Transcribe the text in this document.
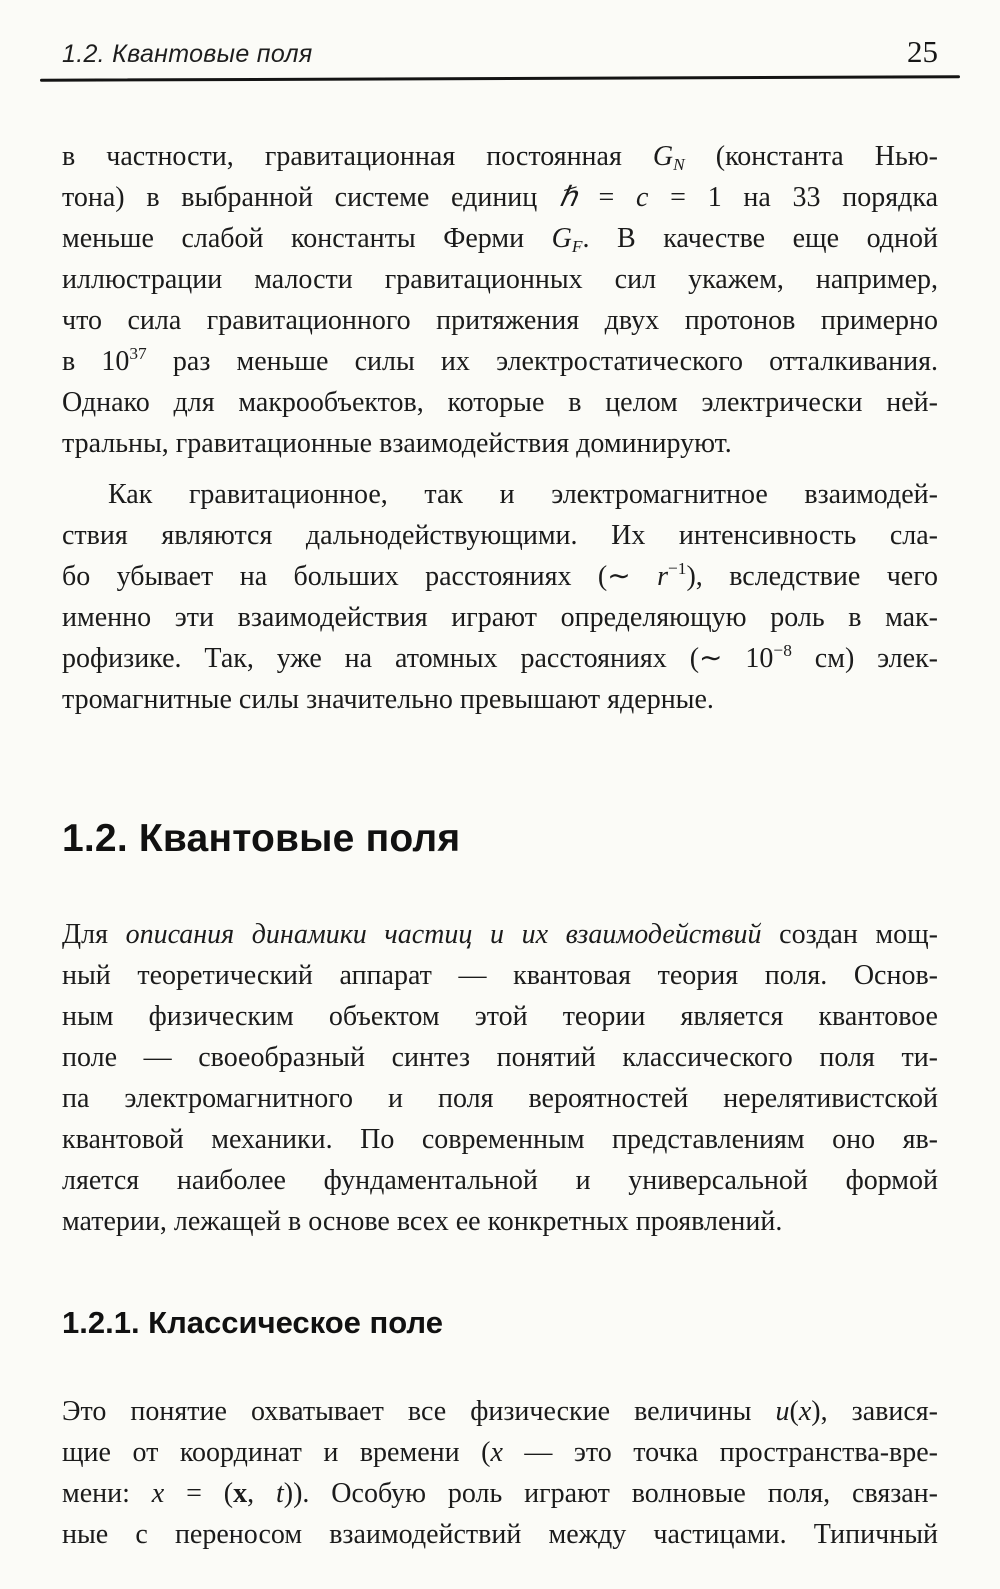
1.2. Квантовые поля	25
в частности, гравитационная постоянная GN (константа Нью-
тона) в выбранной системе единиц ℏ = c = 1 на 33 порядка
меньше слабой константы Ферми GF. В качестве еще одной
иллюстрации малости гравитационных сил укажем, например,
что сила гравитационного притяжения двух протонов примерно
в $10^{37}$ раз меньше силы их электростатического отталкивания.
Однако для макрообъектов, которые в целом электрически ней-
тральны, гравитационные взаимодействия доминируют.
Как гравитационное, так и электромагнитное взаимодей-
ствия являются дальнодействующими. Их интенсивность сла-
бо убывает на больших расстояниях (∼ $r^{-1}$), вследствие чего
именно эти взаимодействия играют определяющую роль в мак-
рофизике. Так, уже на атомных расстояниях (∼ $10^{-8}$ см) элек-
тромагнитные силы значительно превышают ядерные.
1.2. Квантовые поля
Для описания динамики частиц и их взаимодействий создан мощ-
ный теоретический аппарат — квантовая теория поля. Основ-
ным физическим объектом этой теории является квантовое
поле — своеобразный синтез понятий классического поля ти-
па электромагнитного и поля вероятностей нерелятивистской
квантовой механики. По современным представлениям оно яв-
ляется наиболее фундаментальной и универсальной формой
материи, лежащей в основе всех ее конкретных проявлений.
1.2.1. Классическое поле
Это понятие охватывает все физические величины u(x), завися-
щие от координат и времени (x — это точка пространства-вре-
мени: x = (x, t)). Особую роль играют волновые поля, связан-
ные с переносом взаимодействий между частицами. Типичный
